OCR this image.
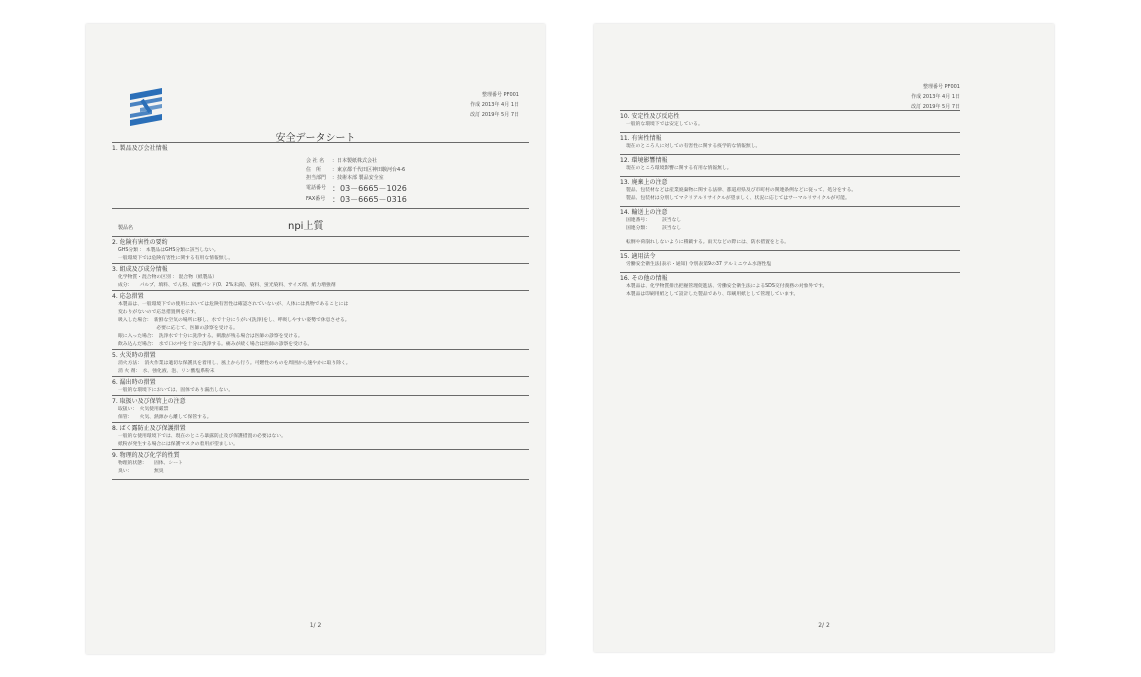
整理番号 PF001
作成 2013年 4月 1日
改訂 2019年 5月 7日
安全データシート
1. 製品及び会社情報
会 社 名	： 日本製紙株式会社
住　所	： 東京都千代田区神田駿河台4-6
担当部門	： 技術本部 製品安全室
電話番号 ： 03－6665－1026
FAX番号 ： 03－6665－0316
製品名	npi上質
2. 危険有害性の要約
GHS分類 ： 本製品はGHS分類に該当しない。
一般環境下では危険有害性に関する有用な情報無し。
3. 組成及び成分情報
化学物質・混合物の区別 ： 混合物（紙製品）
成分：　　パルプ、填料、でん粉、硫酸バンド(0．2%未満)、染料、蛍光染料、サイズ剤、紙力増強剤
4. 応急措置
本製品は、一般環境下での使用においては危険有害性は確認されていないが、人体には異物であることには
変わりがないので応急措置例を示す。
吸入した場合：　新鮮な空気の場所に移し、水で十分にうがい(洗浄)をし、呼吸しやすい姿勢で休息させる。
　　　　　　　　必要に応じて、医師の診察を受ける。
眼に入った場合：　洗浄水で十分に洗浄する。刺激が残る場合は医師の診察を受ける。
飲み込んだ場合：　水で口の中を十分に洗浄する。痛みが続く場合は医師の診察を受ける。
5. 火災時の措置
消火方法：　消火作業は適切な保護具を着用し、風上から行う。可燃性のものを周囲から速やかに取り除く。
消 火 剤：　水、強化液、泡、リン酸塩系粉末
6. 漏出時の措置
一般的な環境下においては、固体であり漏出しない。
7. 取扱い及び保管上の注意
取扱い：　火気使用厳禁
保管：　　火気、熱源から離して保管する。
8. ばく露防止及び保護措置
一般的な使用環境下では、現在のところ暴露防止及び保護措置の必要はない。
紙粉が発生する場合には保護マスクの着用が望ましい。
9. 物理的及び化学的性質
物理的状態：	固体、シート
臭い：	無臭
1/ 2
整理番号 PF001
作成 2013年 4月 1日
改訂 2019年 5月 7日
10. 安定性及び反応性
一般的な環境下では安定している。
11. 有害性情報
現在のところ人に対しての有害性に関する疫学的な情報無し。
12. 環境影響情報
現在のところ環境影響に関する有用な情報無し。
13. 廃棄上の注意
製品、包装材などは産業廃棄物に関する法律、都道府県及び市町村の関連条例などに従って、処分をする。
製品、包装材は分別してマテリアルリサイクルが望ましく、状況に応じてはサーマルリサイクルが可能。
14. 輸送上の注意
国連番号：	該当なし
国連分類：	該当なし
転倒や荷崩れしないように積載する。雨天などの際には、防水措置をとる。
15. 適用法令
労働安全衛生法(表示・通知) 令別表第9の37 アルミニウム水溶性塩
16. その他の情報
本製品は、化学物質排出把握管理促進法、労働安全衛生法によるSDS交付義務の対象外です。
本製品は印刷用紙として設計した製品であり、印刷用紙として管理しています。
2/ 2
